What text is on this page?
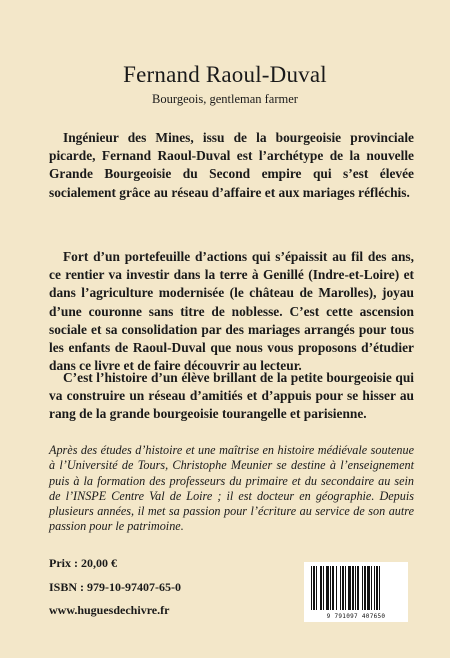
Fernand Raoul-Duval
Bourgeois, gentleman farmer

Ingénieur des Mines, issu de la bourgeoisie provinciale picarde, Fernand Raoul-Duval est l’archétype de la nouvelle Grande Bourgeoisie du Second empire qui s’est élevée socialement grâce au réseau d’affaire et aux mariages réfléchis.

Fort d’un portefeuille d’actions qui s’épaissit au fil des ans, ce rentier va investir dans la terre à Genillé (Indre-et-Loire) et dans l’agriculture modernisée (le château de Marolles), joyau d’une couronne sans titre de noblesse. C’est cette ascension sociale et sa consolidation par des mariages arrangés pour tous les enfants de Raoul-Duval que nous vous proposons d’étudier dans ce livre et de faire découvrir au lecteur.

C’est l’histoire d’un élève brillant de la petite bourgeoisie qui va construire un réseau d’amitiés et d’appuis pour se hisser au rang de la grande bourgeoisie tourangelle et parisienne.

Après des études d’histoire et une maîtrise en histoire médiévale soutenue à l’Université de Tours, Christophe Meunier se destine à l’enseignement puis à la formation des professeurs du primaire et du secondaire au sein de l’INSPE Centre Val de Loire ; il est docteur en géographie. Depuis plusieurs années, il met sa passion pour l’écriture au service de son autre passion pour le patrimoine.

Prix : 20,00 €
ISBN : 979-10-97407-65-0
www.huguesdechivre.fr	9 791097 407650
